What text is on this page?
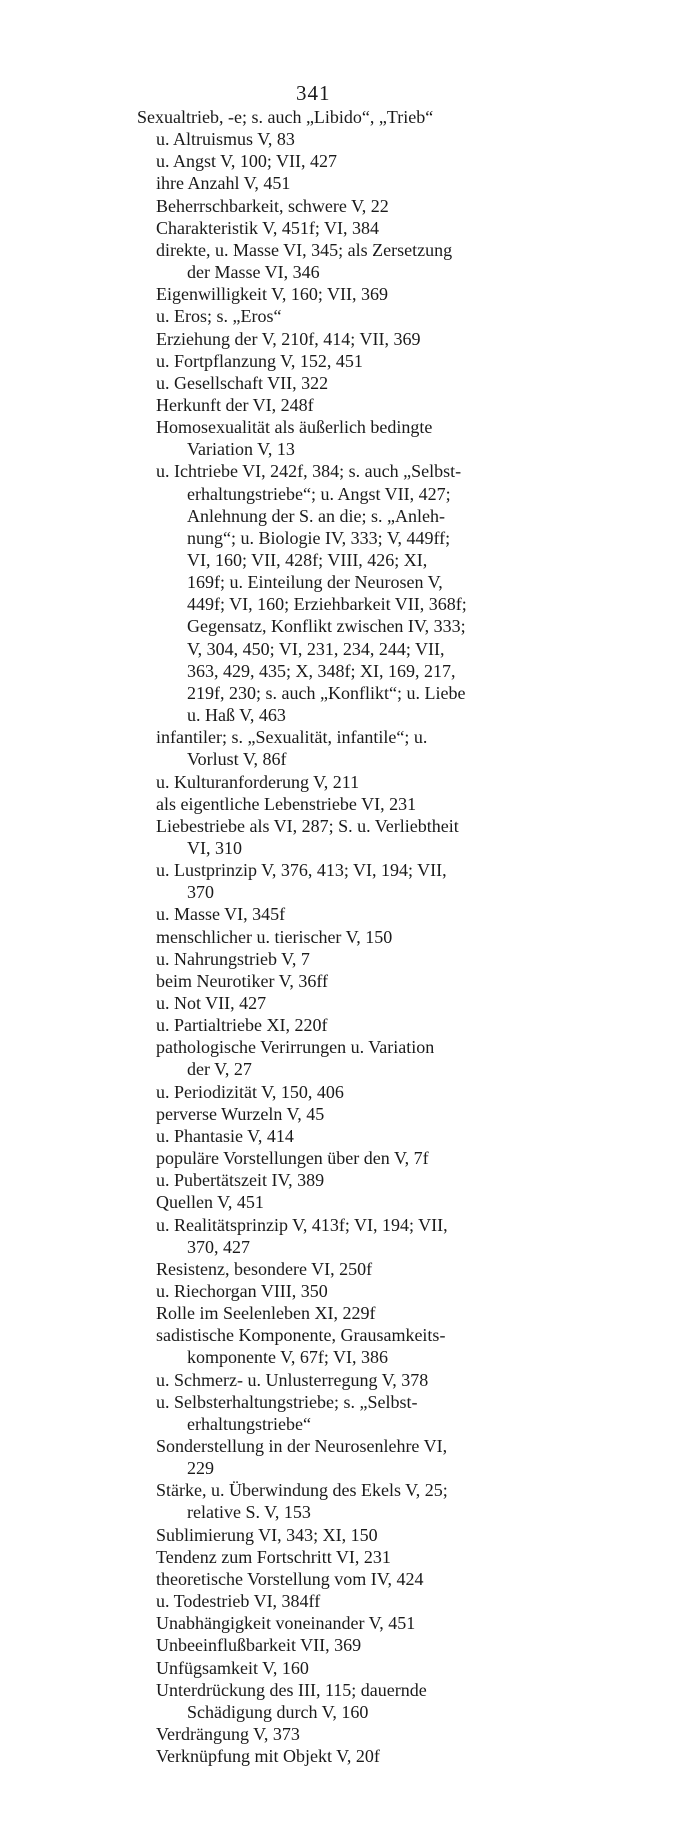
341
Sexualtrieb, -e; s. auch „Libido“, „Trieb“
u. Altruismus V, 83
u. Angst V, 100; VII, 427
ihre Anzahl V, 451
Beherrschbarkeit, schwere V, 22
Charakteristik V, 451f; VI, 384
direkte, u. Masse VI, 345; als Zersetzung
der Masse VI, 346
Eigenwilligkeit V, 160; VII, 369
u. Eros; s. „Eros“
Erziehung der V, 210f, 414; VII, 369
u. Fortpflanzung V, 152, 451
u. Gesellschaft VII, 322
Herkunft der VI, 248f
Homosexualität als äußerlich bedingte
Variation V, 13
u. Ichtriebe VI, 242f, 384; s. auch „Selbst-
erhaltungstriebe“; u. Angst VII, 427;
Anlehnung der S. an die; s. „Anleh-
nung“; u. Biologie IV, 333; V, 449ff;
VI, 160; VII, 428f; VIII, 426; XI,
169f; u. Einteilung der Neurosen V,
449f; VI, 160; Erziehbarkeit VII, 368f;
Gegensatz, Konflikt zwischen IV, 333;
V, 304, 450; VI, 231, 234, 244; VII,
363, 429, 435; X, 348f; XI, 169, 217,
219f, 230; s. auch „Konflikt“; u. Liebe
u. Haß V, 463
infantiler; s. „Sexualität, infantile“; u.
Vorlust V, 86f
u. Kulturanforderung V, 211
als eigentliche Lebenstriebe VI, 231
Liebestriebe als VI, 287; S. u. Verliebtheit
VI, 310
u. Lustprinzip V, 376, 413; VI, 194; VII,
370
u. Masse VI, 345f
menschlicher u. tierischer V, 150
u. Nahrungstrieb V, 7
beim Neurotiker V, 36ff
u. Not VII, 427
u. Partialtriebe XI, 220f
pathologische Verirrungen u. Variation
der V, 27
u. Periodizität V, 150, 406
perverse Wurzeln V, 45
u. Phantasie V, 414
populäre Vorstellungen über den V, 7f
u. Pubertätszeit IV, 389
Quellen V, 451
u. Realitätsprinzip V, 413f; VI, 194; VII,
370, 427
Resistenz, besondere VI, 250f
u. Riechorgan VIII, 350
Rolle im Seelenleben XI, 229f
sadistische Komponente, Grausamkeits-
komponente V, 67f; VI, 386
u. Schmerz- u. Unlusterregung V, 378
u. Selbsterhaltungstriebe; s. „Selbst-
erhaltungstriebe“
Sonderstellung in der Neurosenlehre VI,
229
Stärke, u. Überwindung des Ekels V, 25;
relative S. V, 153
Sublimierung VI, 343; XI, 150
Tendenz zum Fortschritt VI, 231
theoretische Vorstellung vom IV, 424
u. Todestrieb VI, 384ff
Unabhängigkeit voneinander V, 451
Unbeeinflußbarkeit VII, 369
Unfügsamkeit V, 160
Unterdrückung des III, 115; dauernde
Schädigung durch V, 160
Verdrängung V, 373
Verknüpfung mit Objekt V, 20f
